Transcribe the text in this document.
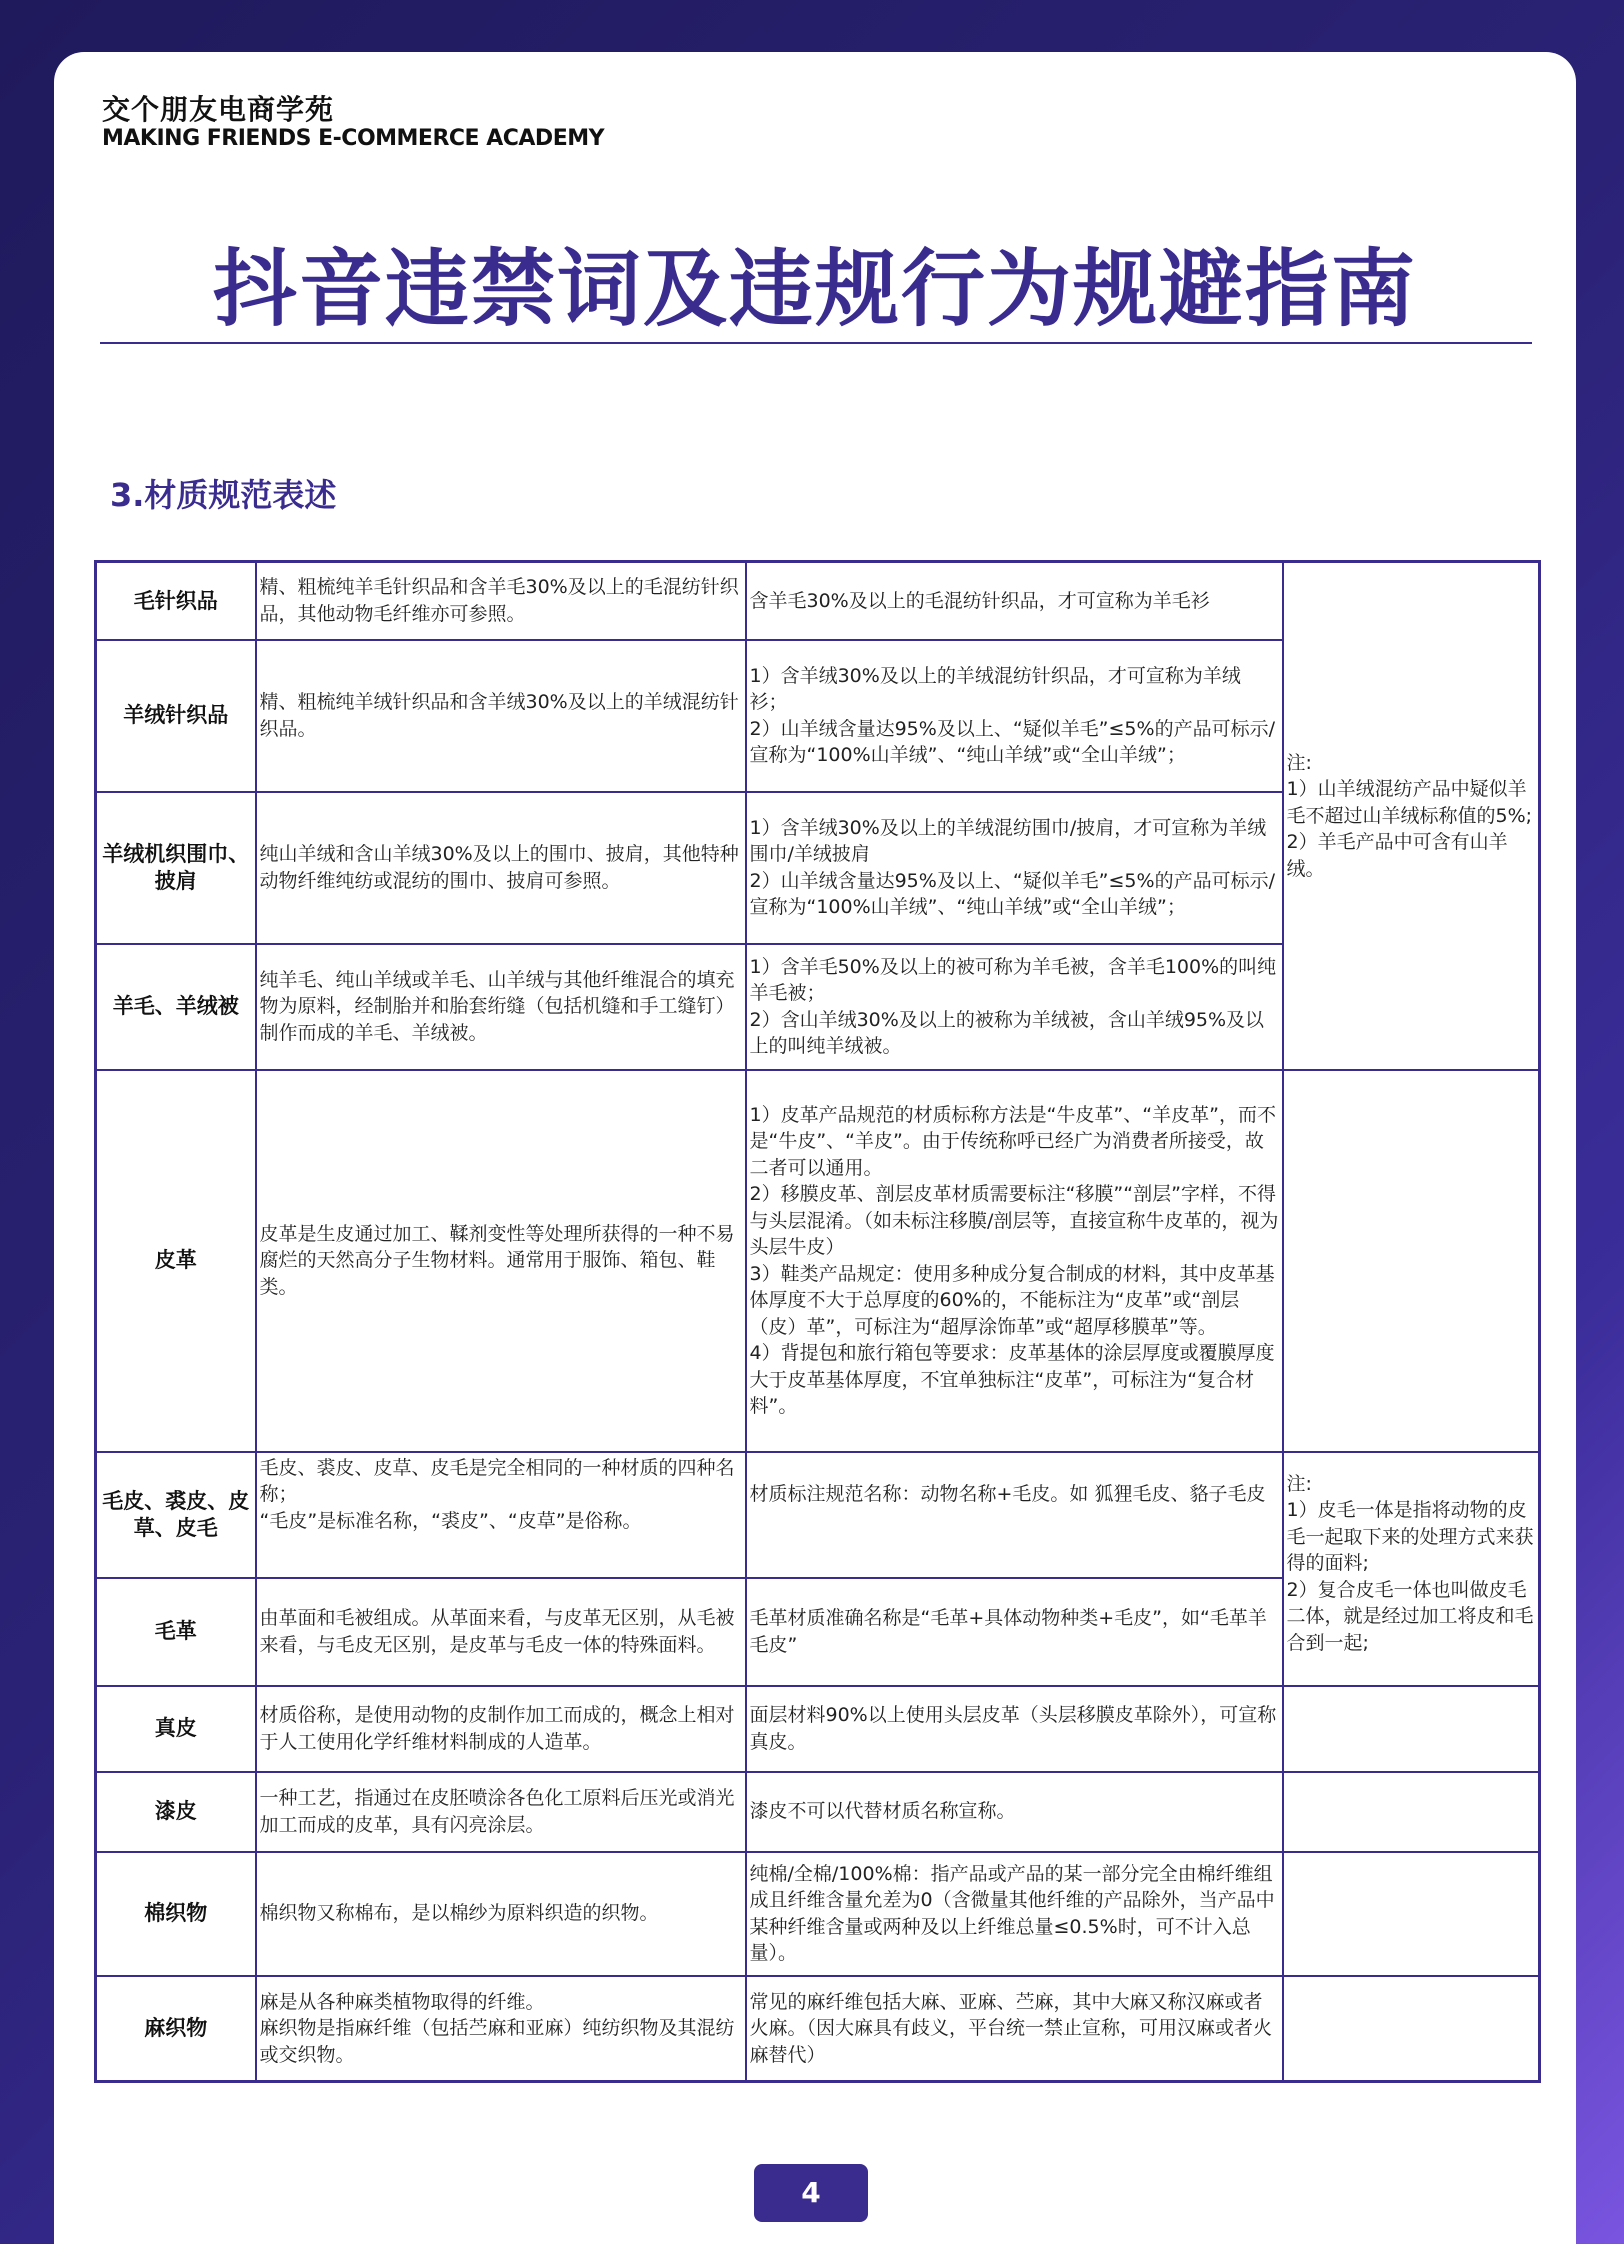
交个朋友电商学苑
MAKING FRIENDS E-COMMERCE ACADEMY
抖音违禁词及违规行为规避指南
3.材质规范表述
毛针织品	精、粗梳纯羊毛针织品和含羊毛30%及以上的毛混纺针织品，其他动物毛纤维亦可参照。	含羊毛30%及以上的毛混纺针织品，才可宣称为羊毛衫	注:
1）山羊绒混纺产品中疑似羊毛不超过山羊绒标称值的5%;
2）羊毛产品中可含有山羊绒。

羊绒针织品	精、粗梳纯羊绒针织品和含羊绒30%及以上的羊绒混纺针织品。	1）含羊绒30%及以上的羊绒混纺针织品，才可宣称为羊绒衫；
2）山羊绒含量达95%及以上、“疑似羊毛”≤5%的产品可标示/宣称为“100%山羊绒”、“纯山羊绒”或“全山羊绒”；	
羊绒机织围巾、披肩	纯山羊绒和含山羊绒30%及以上的围巾、披肩，其他特种动物纤维纯纺或混纺的围巾、披肩可参照。	1）含羊绒30%及以上的羊绒混纺围巾/披肩，才可宣称为羊绒围巾/羊绒披肩
2）山羊绒含量达95%及以上、“疑似羊毛”≤5%的产品可标示/宣称为“100%山羊绒”、“纯山羊绒”或“全山羊绒”；	
羊毛、羊绒被	纯羊毛、纯山羊绒或羊毛、山羊绒与其他纤维混合的填充物为原料，经制胎并和胎套绗缝（包括机缝和手工缝钉）制作而成的羊毛、羊绒被。	1）含羊毛50%及以上的被可称为羊毛被，含羊毛100%的叫纯羊毛被；
2）含山羊绒30%及以上的被称为羊绒被，含山羊绒95%及以上的叫纯羊绒被。	
皮革	皮革是生皮通过加工、鞣剂变性等处理所获得的一种不易腐烂的天然高分子生物材料。通常用于服饰、箱包、鞋类。	1）皮革产品规范的材质标称方法是“牛皮革”、“羊皮革”，而不是“牛皮”、“羊皮”。由于传统称呼已经广为消费者所接受，故二者可以通用。
2）移膜皮革、剖层皮革材质需要标注“移膜”“剖层”字样，不得与头层混淆。（如未标注移膜/剖层等，直接宣称牛皮革的，视为头层牛皮）
3）鞋类产品规定：使用多种成分复合制成的材料，其中皮革基体厚度不大于总厚度的60%的，不能标注为“皮革”或“剖层（皮）革”，可标注为“超厚涂饰革”或“超厚移膜革”等。
4）背提包和旅行箱包等要求：皮革基体的涂层厚度或覆膜厚度大于皮革基体厚度，不宜单独标注“皮革”，可标注为“复合材料”。	
毛皮、裘皮、皮草、皮毛	毛皮、裘皮、皮草、皮毛是完全相同的一种材质的四种名称；
“毛皮”是标准名称，“裘皮”、“皮草”是俗称。	材质标注规范名称：动物名称+毛皮。如 狐狸毛皮、貉子毛皮	注:
1）皮毛一体是指将动物的皮毛一起取下来的处理方式来获得的面料;
2）复合皮毛一体也叫做皮毛二体，就是经过加工将皮和毛合到一起;

毛革	由革面和毛被组成。从革面来看，与皮革无区别，从毛被来看，与毛皮无区别，是皮革与毛皮一体的特殊面料。	毛革材质准确名称是“毛革+具体动物种类+毛皮”，如“毛革羊毛皮”	
真皮	材质俗称，是使用动物的皮制作加工而成的，概念上相对于人工使用化学纤维材料制成的人造革。	面层材料90%以上使用头层皮革（头层移膜皮革除外），可宣称真皮。	
漆皮	一种工艺，指通过在皮胚喷涂各色化工原料后压光或消光加工而成的皮革，具有闪亮涂层。	漆皮不可以代替材质名称宣称。	
棉织物	棉织物又称棉布，是以棉纱为原料织造的织物。	纯棉/全棉/100%棉：指产品或产品的某一部分完全由棉纤维组成且纤维含量允差为0（含微量其他纤维的产品除外，当产品中某种纤维含量或两种及以上纤维总量≤0.5%时，可不计入总量）。	
麻织物	麻是从各种麻类植物取得的纤维。
麻织物是指麻纤维（包括苎麻和亚麻）纯纺织物及其混纺或交织物。	常见的麻纤维包括大麻、亚麻、苎麻，其中大麻又称汉麻或者火麻。（因大麻具有歧义，平台统一禁止宣称，可用汉麻或者火麻替代）	
4
